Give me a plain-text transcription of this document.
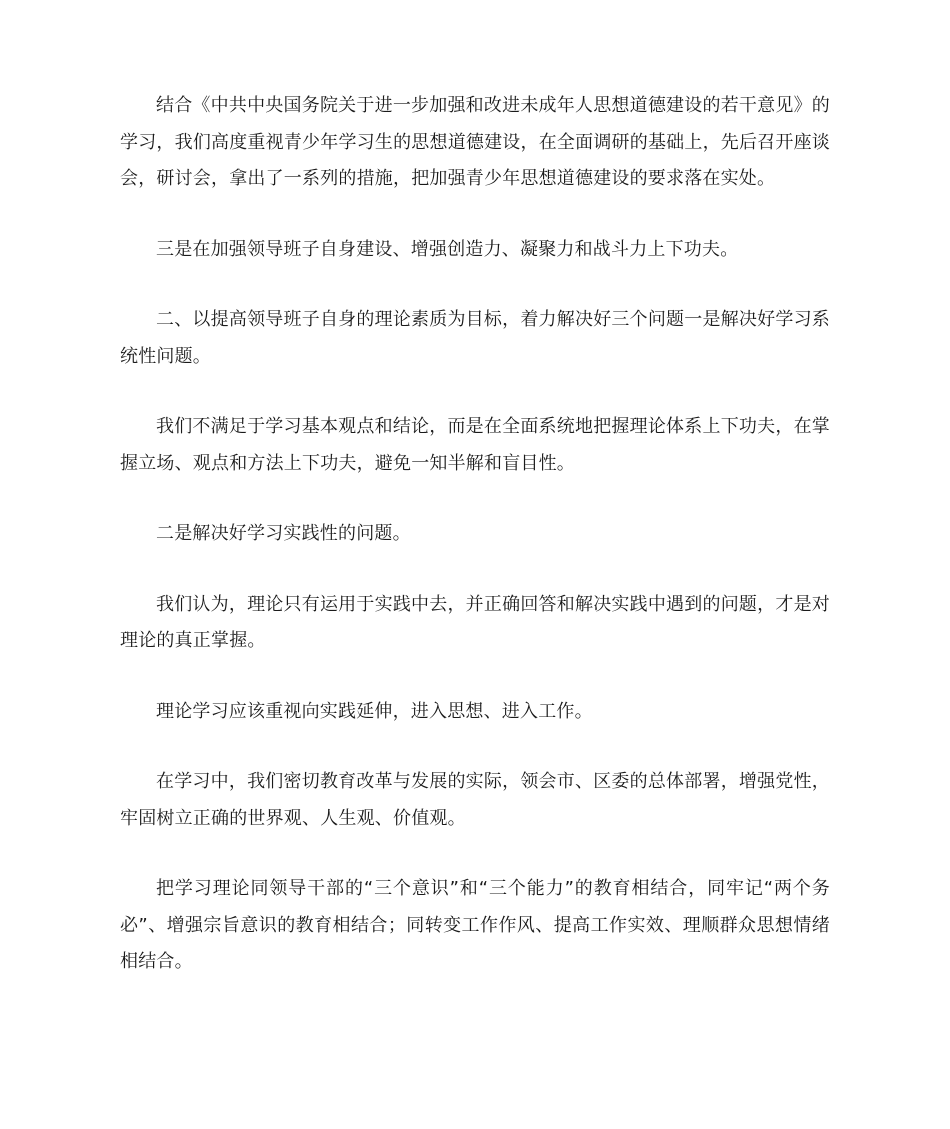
结合《中共中央国务院关于进一步加强和改进未成年人思想道德建设的若干意见》的学习，我们高度重视青少年学习生的思想道德建设，在全面调研的基础上，先后召开座谈会，研讨会，拿出了一系列的措施，把加强青少年思想道德建设的要求落在实处。

三是在加强领导班子自身建设、增强创造力、凝聚力和战斗力上下功夫。

二、以提高领导班子自身的理论素质为目标，着力解决好三个问题一是解决好学习系统性问题。

我们不满足于学习基本观点和结论，而是在全面系统地把握理论体系上下功夫，在掌握立场、观点和方法上下功夫，避免一知半解和盲目性。

二是解决好学习实践性的问题。

我们认为，理论只有运用于实践中去，并正确回答和解决实践中遇到的问题，才是对理论的真正掌握。

理论学习应该重视向实践延伸，进入思想、进入工作。

在学习中，我们密切教育改革与发展的实际，领会市、区委的总体部署，增强党性，牢固树立正确的世界观、人生观、价值观。

把学习理论同领导干部的“三个意识”和“三个能力”的教育相结合，同牢记“两个务必”、增强宗旨意识的教育相结合；同转变工作作风、提高工作实效、理顺群众思想情绪相结合。
